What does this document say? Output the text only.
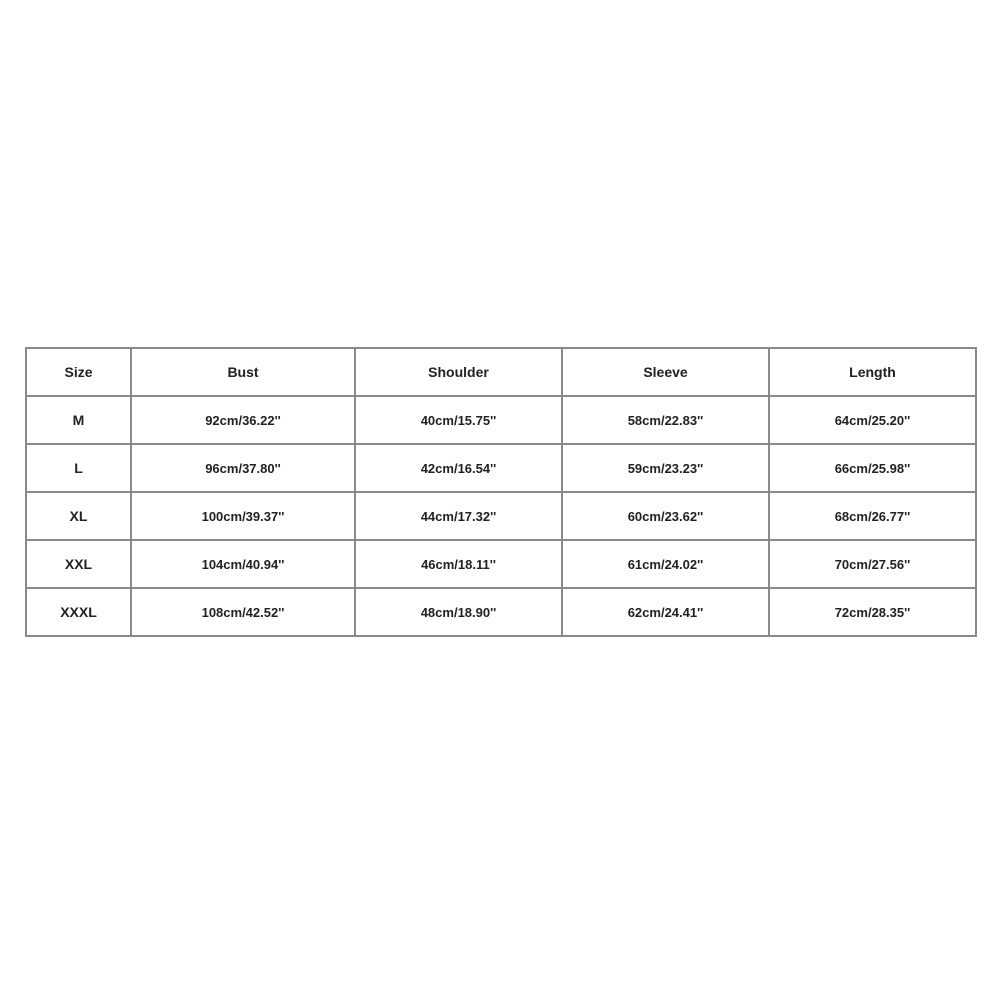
Size	Bust	Shoulder	Sleeve	Length
M	92cm/36.22''	40cm/15.75''	58cm/22.83''	64cm/25.20''
L	96cm/37.80''	42cm/16.54''	59cm/23.23''	66cm/25.98''
XL	100cm/39.37''	44cm/17.32''	60cm/23.62''	68cm/26.77''
XXL	104cm/40.94''	46cm/18.11''	61cm/24.02''	70cm/27.56''
XXXL	108cm/42.52''	48cm/18.90''	62cm/24.41''	72cm/28.35''
